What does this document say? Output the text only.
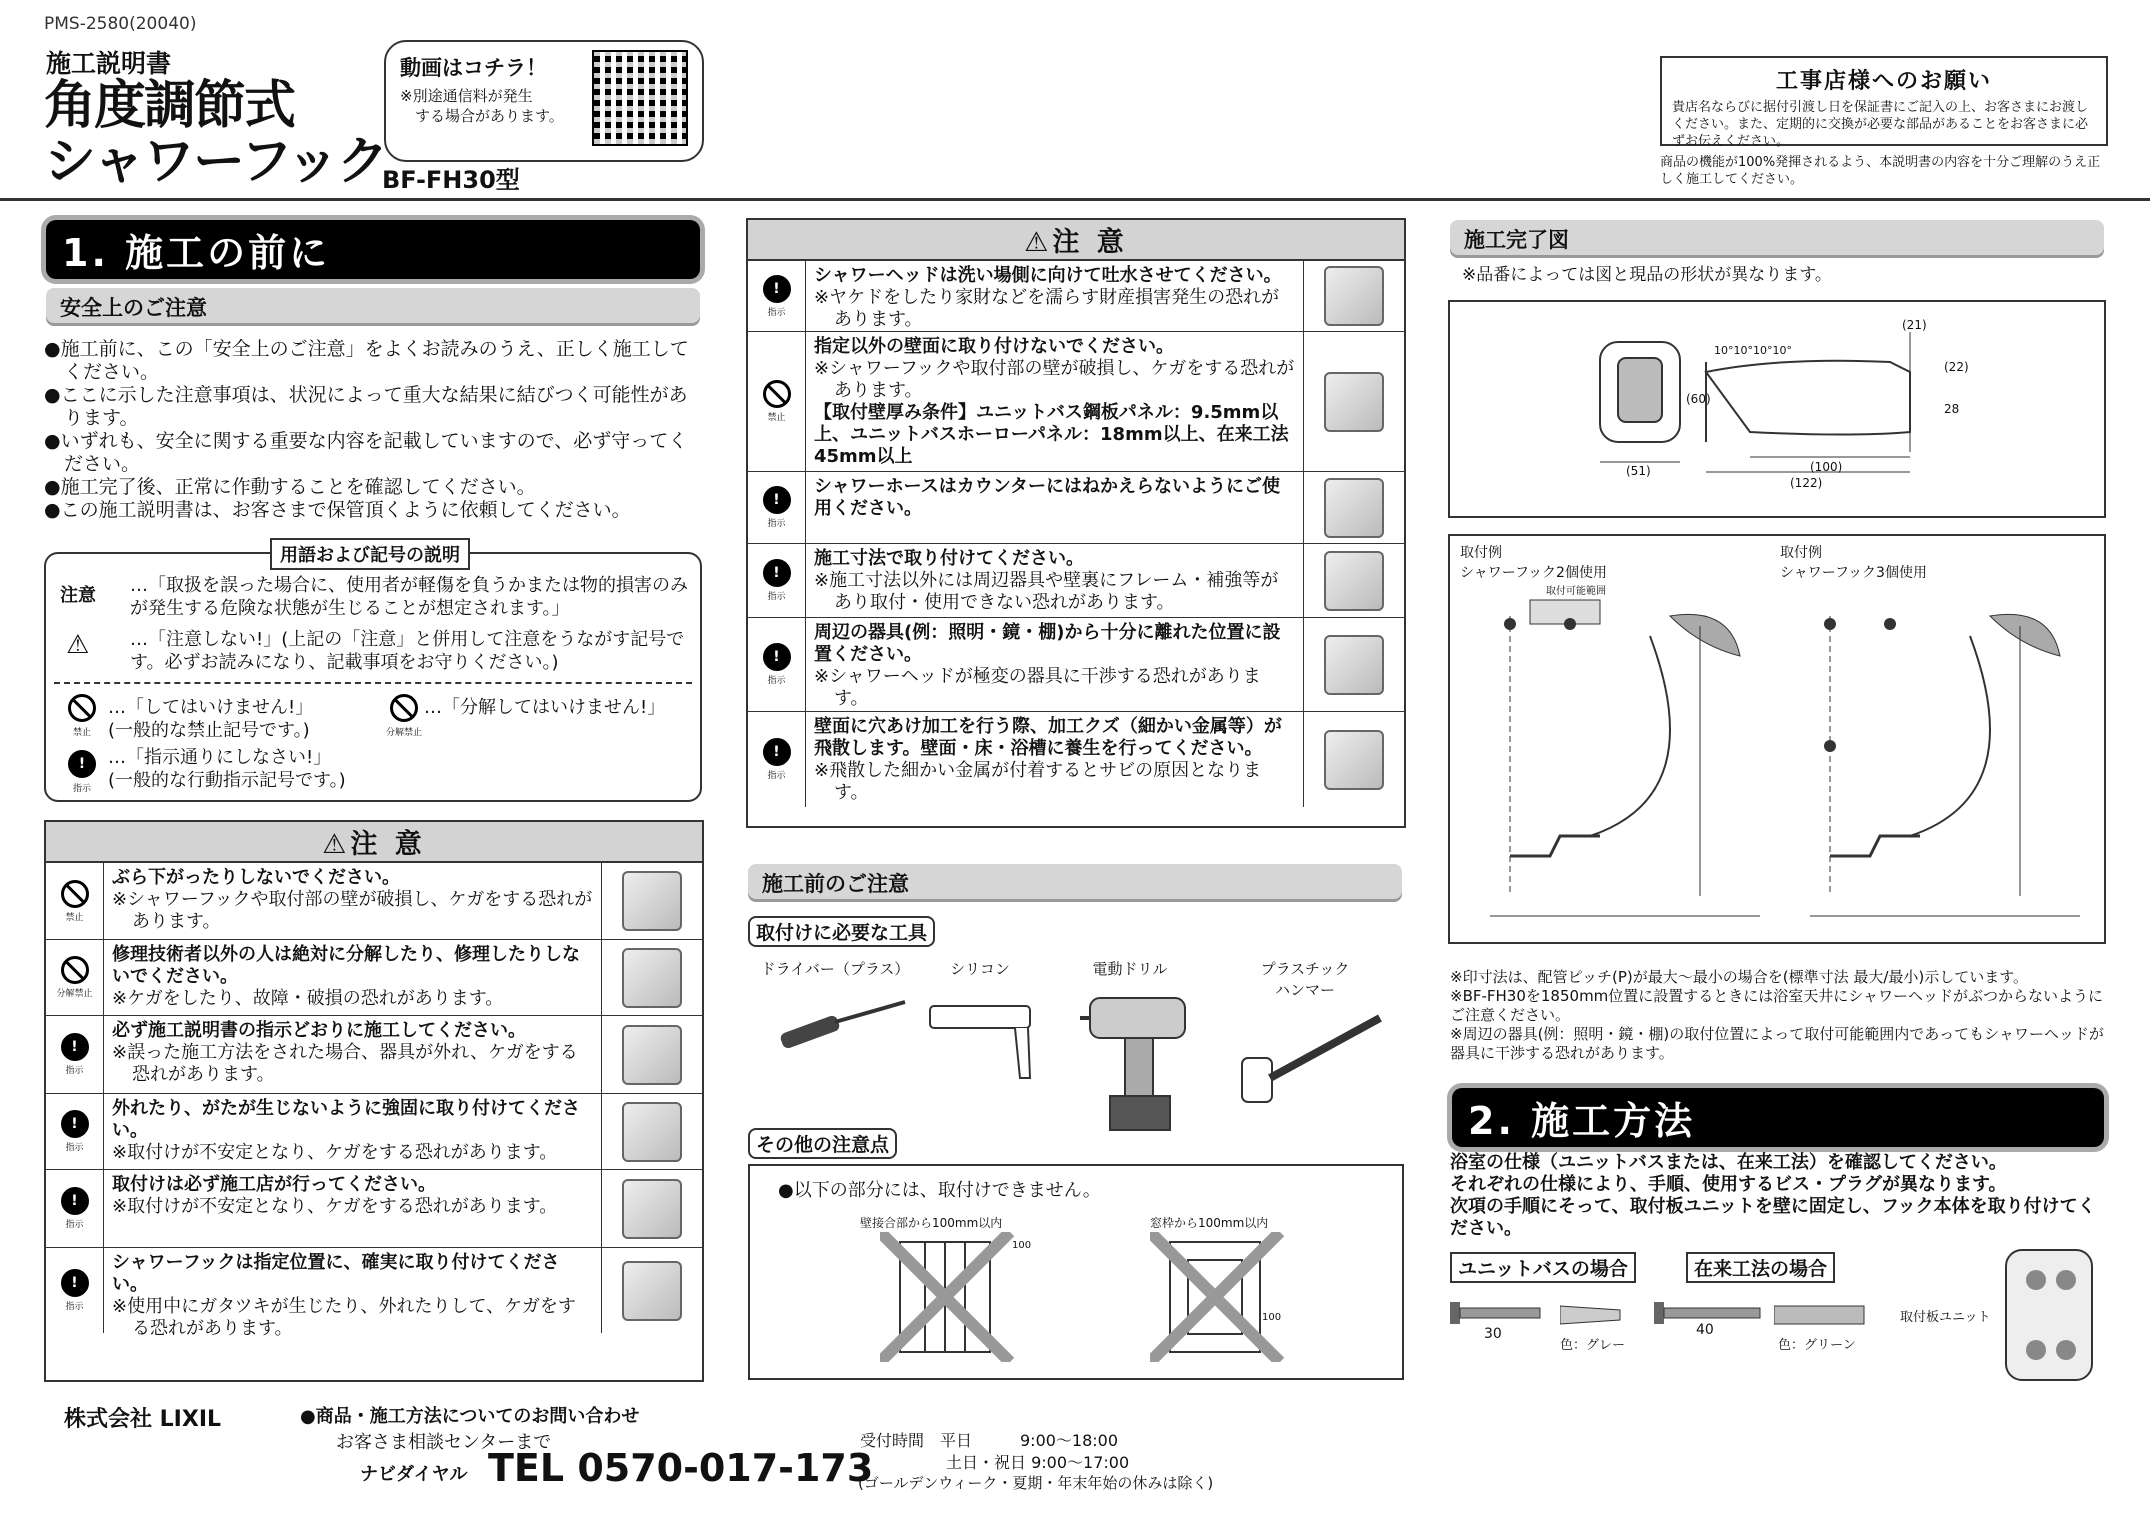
PMS-2580(20040)
施工説明書
角度調節式
シャワーフック
BF-FH30型
動画はコチラ！
※別途通信料が発生
　する場合があります。
工事店様へのお願い
貴店名ならびに据付引渡し日を保証書にご記入の上、お客さまにお渡しください。また、定期的に交換が必要な部品があることをお客さまに必ずお伝えください。
商品の機能が100%発揮されるよう、本説明書の内容を十分ご理解のうえ正しく施工してください。
1. 施工の前に
安全上のご注意
●施工前に、この「安全上のご注意」をよくお読みのうえ、正しく施工してください。
●ここに示した注意事項は、状況によって重大な結果に結びつく可能性があります。
●いずれも、安全に関する重要な内容を記載していますので、必ず守ってください。
●施工完了後、正常に作動することを確認してください。
●この施工説明書は、お客さまで保管頂くように依頼してください。
注意 …「取扱を誤った場合に、使用者が軽傷を負うかまたは物的損害のみが発生する危険な状態が生じることが想定されます。」
⚠ …「注意しない!」(上記の「注意」と併用して注意をうながす記号です。必ずお読みになり、記載事項をお守りください。)
禁止
…「してはいけません!」
(一般的な禁止記号です。)	分解禁止
…「分解してはいけません!」
!
指示
…「指示通りにしなさい!」
(一般的な行動指示記号です。)
用語および記号の説明
⚠注 意
禁止
ぶら下がったりしないでください。
※シャワーフックや取付部の壁が破損し、ケガをする恐れがあります。
分解禁止
修理技術者以外の人は絶対に分解したり、修理したりしないでください。
※ケガをしたり、故障・破損の恐れがあります。
!
指示
必ず施工説明書の指示どおりに施工してください。
※誤った施工方法をされた場合、器具が外れ、ケガをする恐れがあります。
!
指示
外れたり、がたが生じないように強固に取り付けてください。
※取付けが不安定となり、ケガをする恐れがあります。
!
指示
取付けは必ず施工店が行ってください。
※取付けが不安定となり、ケガをする恐れがあります。
!
指示
シャワーフックは指定位置に、確実に取り付けてください。
※使用中にガタツキが生じたり、外れたりして、ケガをする恐れがあります。
⚠注 意
!
指示
シャワーヘッドは洗い場側に向けて吐水させてください。
※ヤケドをしたり家財などを濡らす財産損害発生の恐れがあります。
禁止
指定以外の壁面に取り付けないでください。
※シャワーフックや取付部の壁が破損し、ケガをする恐れがあります。
【取付壁厚み条件】ユニットバス鋼板パネル：9.5mm以上、ユニットバスホーローパネル：18mm以上、在来工法45mm以上
!
指示
シャワーホースはカウンターにはねかえらないようにご使用ください。
!
指示
施工寸法で取り付けてください。
※施工寸法以外には周辺器具や壁裏にフレーム・補強等があり取付・使用できない恐れがあります。
!
指示
周辺の器具(例：照明・鏡・棚)から十分に離れた位置に設置ください。
※シャワーヘッドが極変の器具に干渉する恐れがあります。
!
指示
壁面に穴あけ加工を行う際、加工クズ（細かい金属等）が飛散します。壁面・床・浴槽に養生を行ってください。
※飛散した細かい金属が付着するとサビの原因となります。
施工前のご注意
取付けに必要な工具
ドライバー（プラス）	シリコン	電動ドリル	プラスチック
ハンマー
その他の注意点
●以下の部分には、取付けできません。
壁接合部から100mm以内
100
窓枠から100mm以内
100
施工完了図
※品番によっては図と現品の形状が異なります。
(21)
(22)
28
(60)
(51)	(100)
(122)
10°10°10°10°
取付例
シャワーフック2個使用
取付例
シャワーフック3個使用
取付可能範囲
※印寸法は、配管ピッチ(P)が最大～最小の場合を(標準寸法 最大/最小)示しています。
※BF-FH30を1850mm位置に設置するときには浴室天井にシャワーヘッドがぶつからないようにご注意ください。
※周辺の器具(例：照明・鏡・棚)の取付位置によって取付可能範囲内であってもシャワーヘッドが器具に干渉する恐れがあります。
2. 施工方法
浴室の仕様（ユニットバスまたは、在来工法）を確認してください。
それぞれの仕様により、手順、使用するビス・プラグが異なります。
次項の手順にそって、取付板ユニットを壁に固定し、フック本体を取り付けてください。
ユニットバスの場合	在来工法の場合
30
色：グレー
40
色：グリーン
取付板ユニット
株式会社 LIXIL	●商品・施工方法についてのお問い合わせ
お客さま相談センターまで
ナビダイヤル TEL 0570-017-173
受付時間 平日　　　9:00～18:00
土日・祝日 9:00～17:00
(ゴールデンウィーク・夏期・年末年始の休みは除く)
